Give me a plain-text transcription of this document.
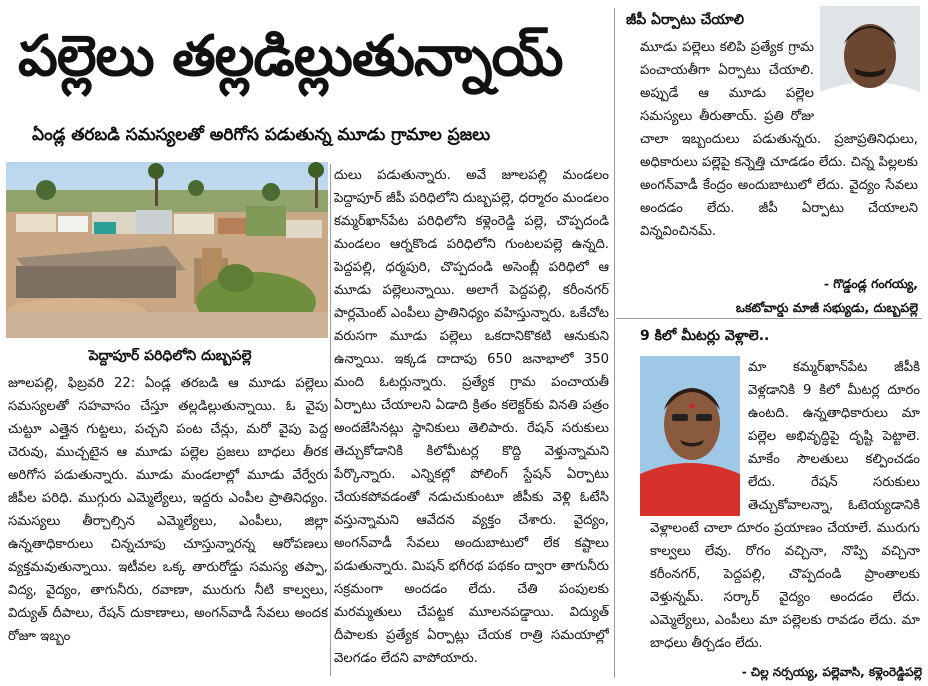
పల్లెలు తల్లడిల్లుతున్నాయ్
ఏండ్ల తరబడి సమస్యలతో అరిగోస పడుతున్న మూడు గ్రామాల ప్రజలు
పెద్దాపూర్ పరిధిలోని దుబ్బపల్లె

జూలపల్లి, ఫిబ్రవరి 22: ఏండ్ల తరబడి ఆ మూడు పల్లెలు సమస్యలతో సహవాసం చేస్తూ తల్లడిల్లుతున్నాయి. ఓ వైపు చుట్టూ ఎత్తైన గుట్టలు, పచ్చని పంట చేన్లు, మరో వైపు పెద్ద చెరువు, ముచ్చటైన ఆ మూడు పల్లెల ప్రజలు బాధలు తీరక అరిగోస పడుతున్నారు. మూడు మండలాల్లో మూడు వేర్వేరు జీపీల పరిధి. ముగ్గురు ఎమ్మెల్యేలు, ఇద్దరు ఎంపీల ప్రాతినిధ్యం. సమస్యలు తీర్చాల్సిన ఎమ్మెల్యేలు, ఎంపీలు, జిల్లా ఉన్నతాధికారులు చిన్నచూపు చూస్తున్నారన్న ఆరోపణలు వ్యక్తమవుతున్నాయి. ఇటీవల ఒక్క తారురోడ్డు సమస్య తప్పా, విద్య, వైద్యం, తాగునీరు, రవాణా, మురుగు నీటి కాల్వలు, విద్యుత్ దీపాలు, రేషన్ దుకాణాలు, అంగన్‌వాడీ సేవలు అందక రోజూ ఇబ్బం

దులు పడుతున్నారు. అవే జూలపల్లి మండలం పెద్దాపూర్ జీపీ పరిధిలోని దుబ్బపల్లె, ధర్మారం మండలం కమ్మర్‌ఖాన్‌పేట పరిధిలోని కళ్లెంరెడ్డి పల్లె, చొప్పదండి మండలం ఆర్నకొండ పరిధిలోని గుంటలపల్లె ఉన్నది. పెద్దపల్లి, ధర్మపురి, చొప్పదండి అసెంబ్లీ పరిధిలో ఆ మూడు పల్లెలున్నాయి. అలాగే పెద్దపల్లి, కరీంనగర్ పార్లమెంట్ ఎంపీలు ప్రాతినిధ్యం వహిస్తున్నారు. ఒకేచోట వరుసగా మూడు పల్లెలు ఒకదానికొకటి ఆనుకుని ఉన్నాయి. ఇక్కడ దాదాపు 650 జనాభాలో 350 మంది ఓటర్లున్నారు. ప్రత్యేక గ్రామ పంచాయతీ ఏర్పాటు చేయాలని ఏడాది క్రితం కలెక్టర్‌కు వినతి పత్రం అందజేసినట్లు స్థానికులు తెలిపారు. రేషన్ సరుకులు తెచ్చుకోడానికి కిలోమీటర్ల కొద్ది వెళ్తున్నామని పేర్కొన్నారు. ఎన్నికల్లో పోలింగ్ స్టేషన్ ఏర్పాటు చేయకపోవడంతో నడుచుకుంటూ జీపీకు వెళ్లి ఓటేసి వస్తున్నామని ఆవేదన వ్యక్తం చేశారు. వైద్యం, అంగన్‌వాడీ సేవలు అందుబాటులో లేక కష్టాలు పడుతున్నారు. మిషన్ భగీరథ పథకం ద్వారా తాగునీరు సక్రమంగా అందడం లేదు. చేతి పంపులకు మరమ్మతులు చేపట్టక మూలనపడ్డాయి. విద్యుత్ దీపాలకు ప్రత్యేక ఏర్పాట్లు చేయక రాత్రి సమయాల్లో వెలగడం లేదని వాపోయారు.

జీపీ ఏర్పాటు చేయాలి

మూడు పల్లెలు కలిపి ప్రత్యేక గ్రామ పంచాయతీగా ఏర్పాటు చేయాలి. అప్పుడే ఆ మూడు పల్లెల సమస్యలు తీరుతాయ్. ప్రతి రోజు చాలా ఇబ్బందులు పడుతున్నరు. ప్రజాప్రతినిధులు, అధికారులు పల్లెపై కన్నెత్తి చూడడం లేదు. చిన్న పిల్లలకు అంగన్‌వాడీ కేంద్రం అందుబాటులో లేదు. వైద్యం సేవలు అందడం లేదు. జీపీ ఏర్పాటు చేయాలని విన్నవించినమ్.

- గొడ్డండ్ల గంగయ్య,
ఒకటోవార్డు మాజీ సభ్యుడు, దుబ్బపల్లె
9 కిలో మీటర్లు వెళ్లాలె..

మా కమ్మర్‌ఖాన్‌పేట జీపీకి వెళ్లడానికి 9 కిలో మీటర్ల దూరం ఉంటది. ఉన్నతాధికారులు మా పల్లెల అభివృద్ధిపై దృష్టి పెట్టాలె. మాకేం సౌలతులు కల్పించడం లేదు. రేషన్ సరుకులు తెచ్చుకోవాలన్నా, ఓటెయ్యడానికి వెళ్లాలంటే చాలా దూరం ప్రయాణం చేయాలే. మురుగు కాల్వలు లేవు. రోగం వచ్చినా, నొప్పి వచ్చినా కరీంనగర్, పెద్దపల్లి, చొప్పదండి ప్రాంతాలకు వెళ్తున్నమ్. సర్కార్ వైద్యం అందడం లేదు. ఎమ్మెల్యేలు, ఎంపీలు మా పల్లెలకు రావడం లేదు. మా బాధలు తీర్చడం లేదు.

- చిల్ల నర్సయ్య, పల్లెవాసి, కళ్లెంరెడ్డిపల్లె
